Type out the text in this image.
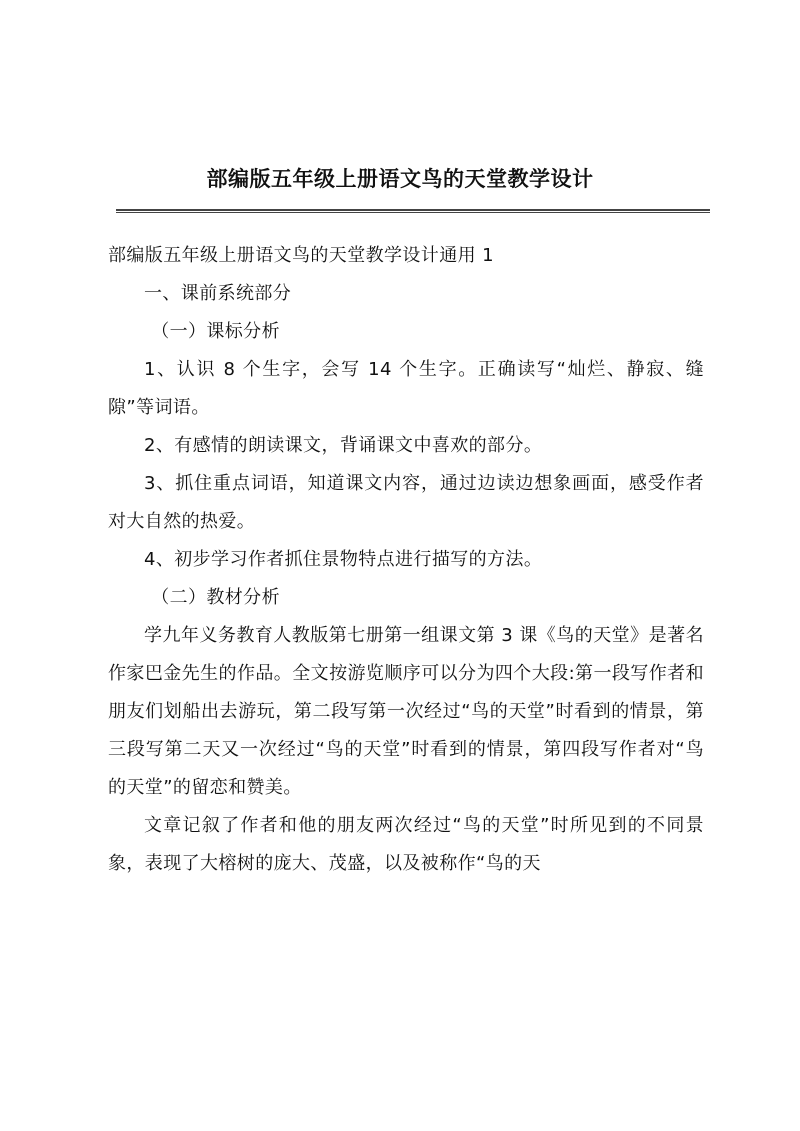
部编版五年级上册语文鸟的天堂教学设计

部编版五年级上册语文鸟的天堂教学设计通用 1

一、课前系统部分

（一）课标分析

1、认识 8 个生字，会写 14 个生字。正确读写“灿烂、静寂、缝隙”等词语。

2、有感情的朗读课文，背诵课文中喜欢的部分。

3、抓住重点词语，知道课文内容，通过边读边想象画面，感受作者对大自然的热爱。

4、初步学习作者抓住景物特点进行描写的方法。

（二）教材分析

学九年义务教育人教版第七册第一组课文第 3 课《鸟的天堂》是著名作家巴金先生的作品。全文按游览顺序可以分为四个大段:第一段写作者和朋友们划船出去游玩，第二段写第一次经过“鸟的天堂”时看到的情景，第三段写第二天又一次经过“鸟的天堂”时看到的情景，第四段写作者对“鸟的天堂”的留恋和赞美。

文章记叙了作者和他的朋友两次经过“鸟的天堂”时所见到的不同景象，表现了大榕树的庞大、茂盛，以及被称作“鸟的天
